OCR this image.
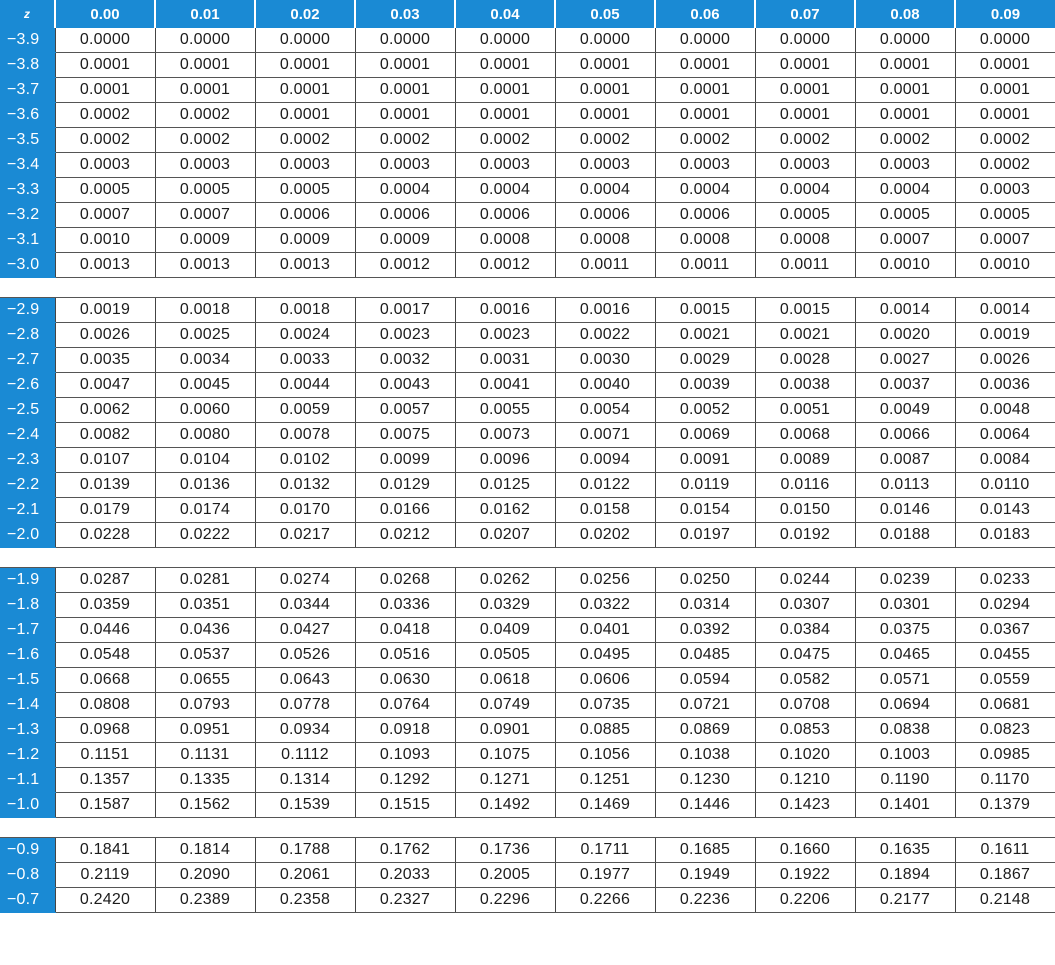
z	0.00	0.01	0.02	0.03	0.04	0.05	0.06	0.07	0.08	0.09
−3.9	0.0000	0.0000	0.0000	0.0000	0.0000	0.0000	0.0000	0.0000	0.0000	0.0000
−3.8	0.0001	0.0001	0.0001	0.0001	0.0001	0.0001	0.0001	0.0001	0.0001	0.0001
−3.7	0.0001	0.0001	0.0001	0.0001	0.0001	0.0001	0.0001	0.0001	0.0001	0.0001
−3.6	0.0002	0.0002	0.0001	0.0001	0.0001	0.0001	0.0001	0.0001	0.0001	0.0001
−3.5	0.0002	0.0002	0.0002	0.0002	0.0002	0.0002	0.0002	0.0002	0.0002	0.0002
−3.4	0.0003	0.0003	0.0003	0.0003	0.0003	0.0003	0.0003	0.0003	0.0003	0.0002
−3.3	0.0005	0.0005	0.0005	0.0004	0.0004	0.0004	0.0004	0.0004	0.0004	0.0003
−3.2	0.0007	0.0007	0.0006	0.0006	0.0006	0.0006	0.0006	0.0005	0.0005	0.0005
−3.1	0.0010	0.0009	0.0009	0.0009	0.0008	0.0008	0.0008	0.0008	0.0007	0.0007
−3.0	0.0013	0.0013	0.0013	0.0012	0.0012	0.0011	0.0011	0.0011	0.0010	0.0010

−2.9	0.0019	0.0018	0.0018	0.0017	0.0016	0.0016	0.0015	0.0015	0.0014	0.0014
−2.8	0.0026	0.0025	0.0024	0.0023	0.0023	0.0022	0.0021	0.0021	0.0020	0.0019
−2.7	0.0035	0.0034	0.0033	0.0032	0.0031	0.0030	0.0029	0.0028	0.0027	0.0026
−2.6	0.0047	0.0045	0.0044	0.0043	0.0041	0.0040	0.0039	0.0038	0.0037	0.0036
−2.5	0.0062	0.0060	0.0059	0.0057	0.0055	0.0054	0.0052	0.0051	0.0049	0.0048
−2.4	0.0082	0.0080	0.0078	0.0075	0.0073	0.0071	0.0069	0.0068	0.0066	0.0064
−2.3	0.0107	0.0104	0.0102	0.0099	0.0096	0.0094	0.0091	0.0089	0.0087	0.0084
−2.2	0.0139	0.0136	0.0132	0.0129	0.0125	0.0122	0.0119	0.0116	0.0113	0.0110
−2.1	0.0179	0.0174	0.0170	0.0166	0.0162	0.0158	0.0154	0.0150	0.0146	0.0143
−2.0	0.0228	0.0222	0.0217	0.0212	0.0207	0.0202	0.0197	0.0192	0.0188	0.0183

−1.9	0.0287	0.0281	0.0274	0.0268	0.0262	0.0256	0.0250	0.0244	0.0239	0.0233
−1.8	0.0359	0.0351	0.0344	0.0336	0.0329	0.0322	0.0314	0.0307	0.0301	0.0294
−1.7	0.0446	0.0436	0.0427	0.0418	0.0409	0.0401	0.0392	0.0384	0.0375	0.0367
−1.6	0.0548	0.0537	0.0526	0.0516	0.0505	0.0495	0.0485	0.0475	0.0465	0.0455
−1.5	0.0668	0.0655	0.0643	0.0630	0.0618	0.0606	0.0594	0.0582	0.0571	0.0559
−1.4	0.0808	0.0793	0.0778	0.0764	0.0749	0.0735	0.0721	0.0708	0.0694	0.0681
−1.3	0.0968	0.0951	0.0934	0.0918	0.0901	0.0885	0.0869	0.0853	0.0838	0.0823
−1.2	0.1151	0.1131	0.1112	0.1093	0.1075	0.1056	0.1038	0.1020	0.1003	0.0985
−1.1	0.1357	0.1335	0.1314	0.1292	0.1271	0.1251	0.1230	0.1210	0.1190	0.1170
−1.0	0.1587	0.1562	0.1539	0.1515	0.1492	0.1469	0.1446	0.1423	0.1401	0.1379

−0.9	0.1841	0.1814	0.1788	0.1762	0.1736	0.1711	0.1685	0.1660	0.1635	0.1611
−0.8	0.2119	0.2090	0.2061	0.2033	0.2005	0.1977	0.1949	0.1922	0.1894	0.1867
−0.7	0.2420	0.2389	0.2358	0.2327	0.2296	0.2266	0.2236	0.2206	0.2177	0.2148
